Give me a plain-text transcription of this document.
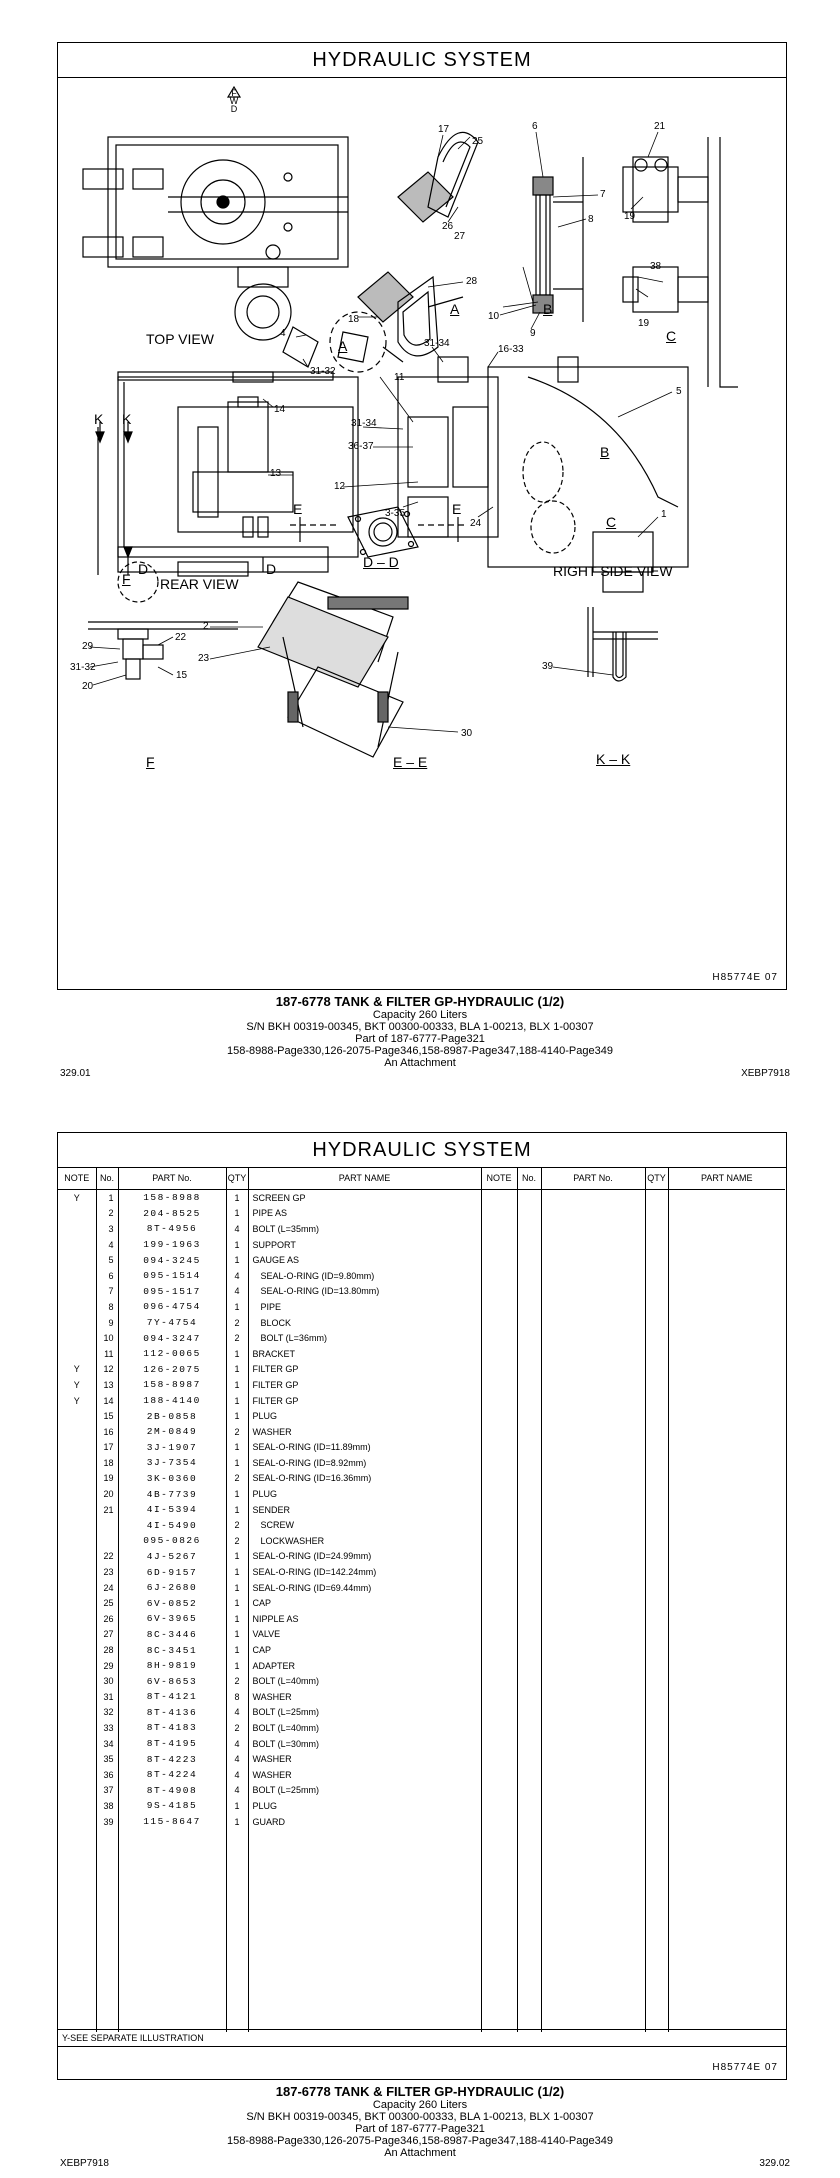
HYDRAULIC SYSTEM
F W D
TOP VIEW	A
A	B
C
REAR VIEW
RIGHT SIDE VIEW
D – D
E – E	K – K
F
K K
D	D
E	E
F
B
C
17
25
6	21
7
26
8	19
27
38
28
18	10
9
19
4
31-32
14
31-34
16-33
11
31-34
5
36-37
12
13
3-35
24
1
2
22
23
29
15
31-32
20
39
30
H85774E 07
187-6778 TANK & FILTER GP-HYDRAULIC (1/2)
Capacity 260 Liters
S/N BKH 00319-00345, BKT 00300-00333, BLA 1-00213, BLX 1-00307
Part of 187-6777-Page321
158-8988-Page330,126-2075-Page346,158-8987-Page347,188-4140-Page349
An Attachment
329.01	XEBP7918
HYDRAULIC SYSTEM
NOTE	No.	PART No.	QTY	PART NAME	NOTE	No.	PART No.	QTY	PART NAME
Y	1	158-8988	1	SCREEN GP					
	2	204-8525	1	PIPE AS					
	3	8T-4956	4	BOLT (L=35mm)					
	4	199-1963	1	SUPPORT					
	5	094-3245	1	GAUGE AS					
	6	095-1514	4	SEAL-O-RING (ID=9.80mm)					
	7	095-1517	4	SEAL-O-RING (ID=13.80mm)					
	8	096-4754	1	PIPE					
	9	7Y-4754	2	BLOCK					
	10	094-3247	2	BOLT (L=36mm)					
	11	112-0065	1	BRACKET					
Y	12	126-2075	1	FILTER GP					
Y	13	158-8987	1	FILTER GP					
Y	14	188-4140	1	FILTER GP					
	15	2B-0858	1	PLUG					
	16	2M-0849	2	WASHER					
	17	3J-1907	1	SEAL-O-RING (ID=11.89mm)					
	18	3J-7354	1	SEAL-O-RING (ID=8.92mm)					
	19	3K-0360	2	SEAL-O-RING (ID=16.36mm)					
	20	4B-7739	1	PLUG					
	21	4I-5394	1	SENDER					
		4I-5490	2	SCREW					
		095-0826	2	LOCKWASHER					
	22	4J-5267	1	SEAL-O-RING (ID=24.99mm)					
	23	6D-9157	1	SEAL-O-RING (ID=142.24mm)					
	24	6J-2680	1	SEAL-O-RING (ID=69.44mm)					
	25	6V-0852	1	CAP					
	26	6V-3965	1	NIPPLE AS					
	27	8C-3446	1	VALVE					
	28	8C-3451	1	CAP					
	29	8H-9819	1	ADAPTER					
	30	6V-8653	2	BOLT (L=40mm)					
	31	8T-4121	8	WASHER					
	32	8T-4136	4	BOLT (L=25mm)					
	33	8T-4183	2	BOLT (L=40mm)					
	34	8T-4195	4	BOLT (L=30mm)					
	35	8T-4223	4	WASHER					
	36	8T-4224	4	WASHER					
	37	8T-4908	4	BOLT (L=25mm)					
	38	9S-4185	1	PLUG					
	39	115-8647	1	GUARD					

Y-SEE SEPARATE ILLUSTRATION
H85774E 07
187-6778 TANK & FILTER GP-HYDRAULIC (1/2)
Capacity 260 Liters
S/N BKH 00319-00345, BKT 00300-00333, BLA 1-00213, BLX 1-00307
Part of 187-6777-Page321
158-8988-Page330,126-2075-Page346,158-8987-Page347,188-4140-Page349
An Attachment
XEBP7918	329.02
